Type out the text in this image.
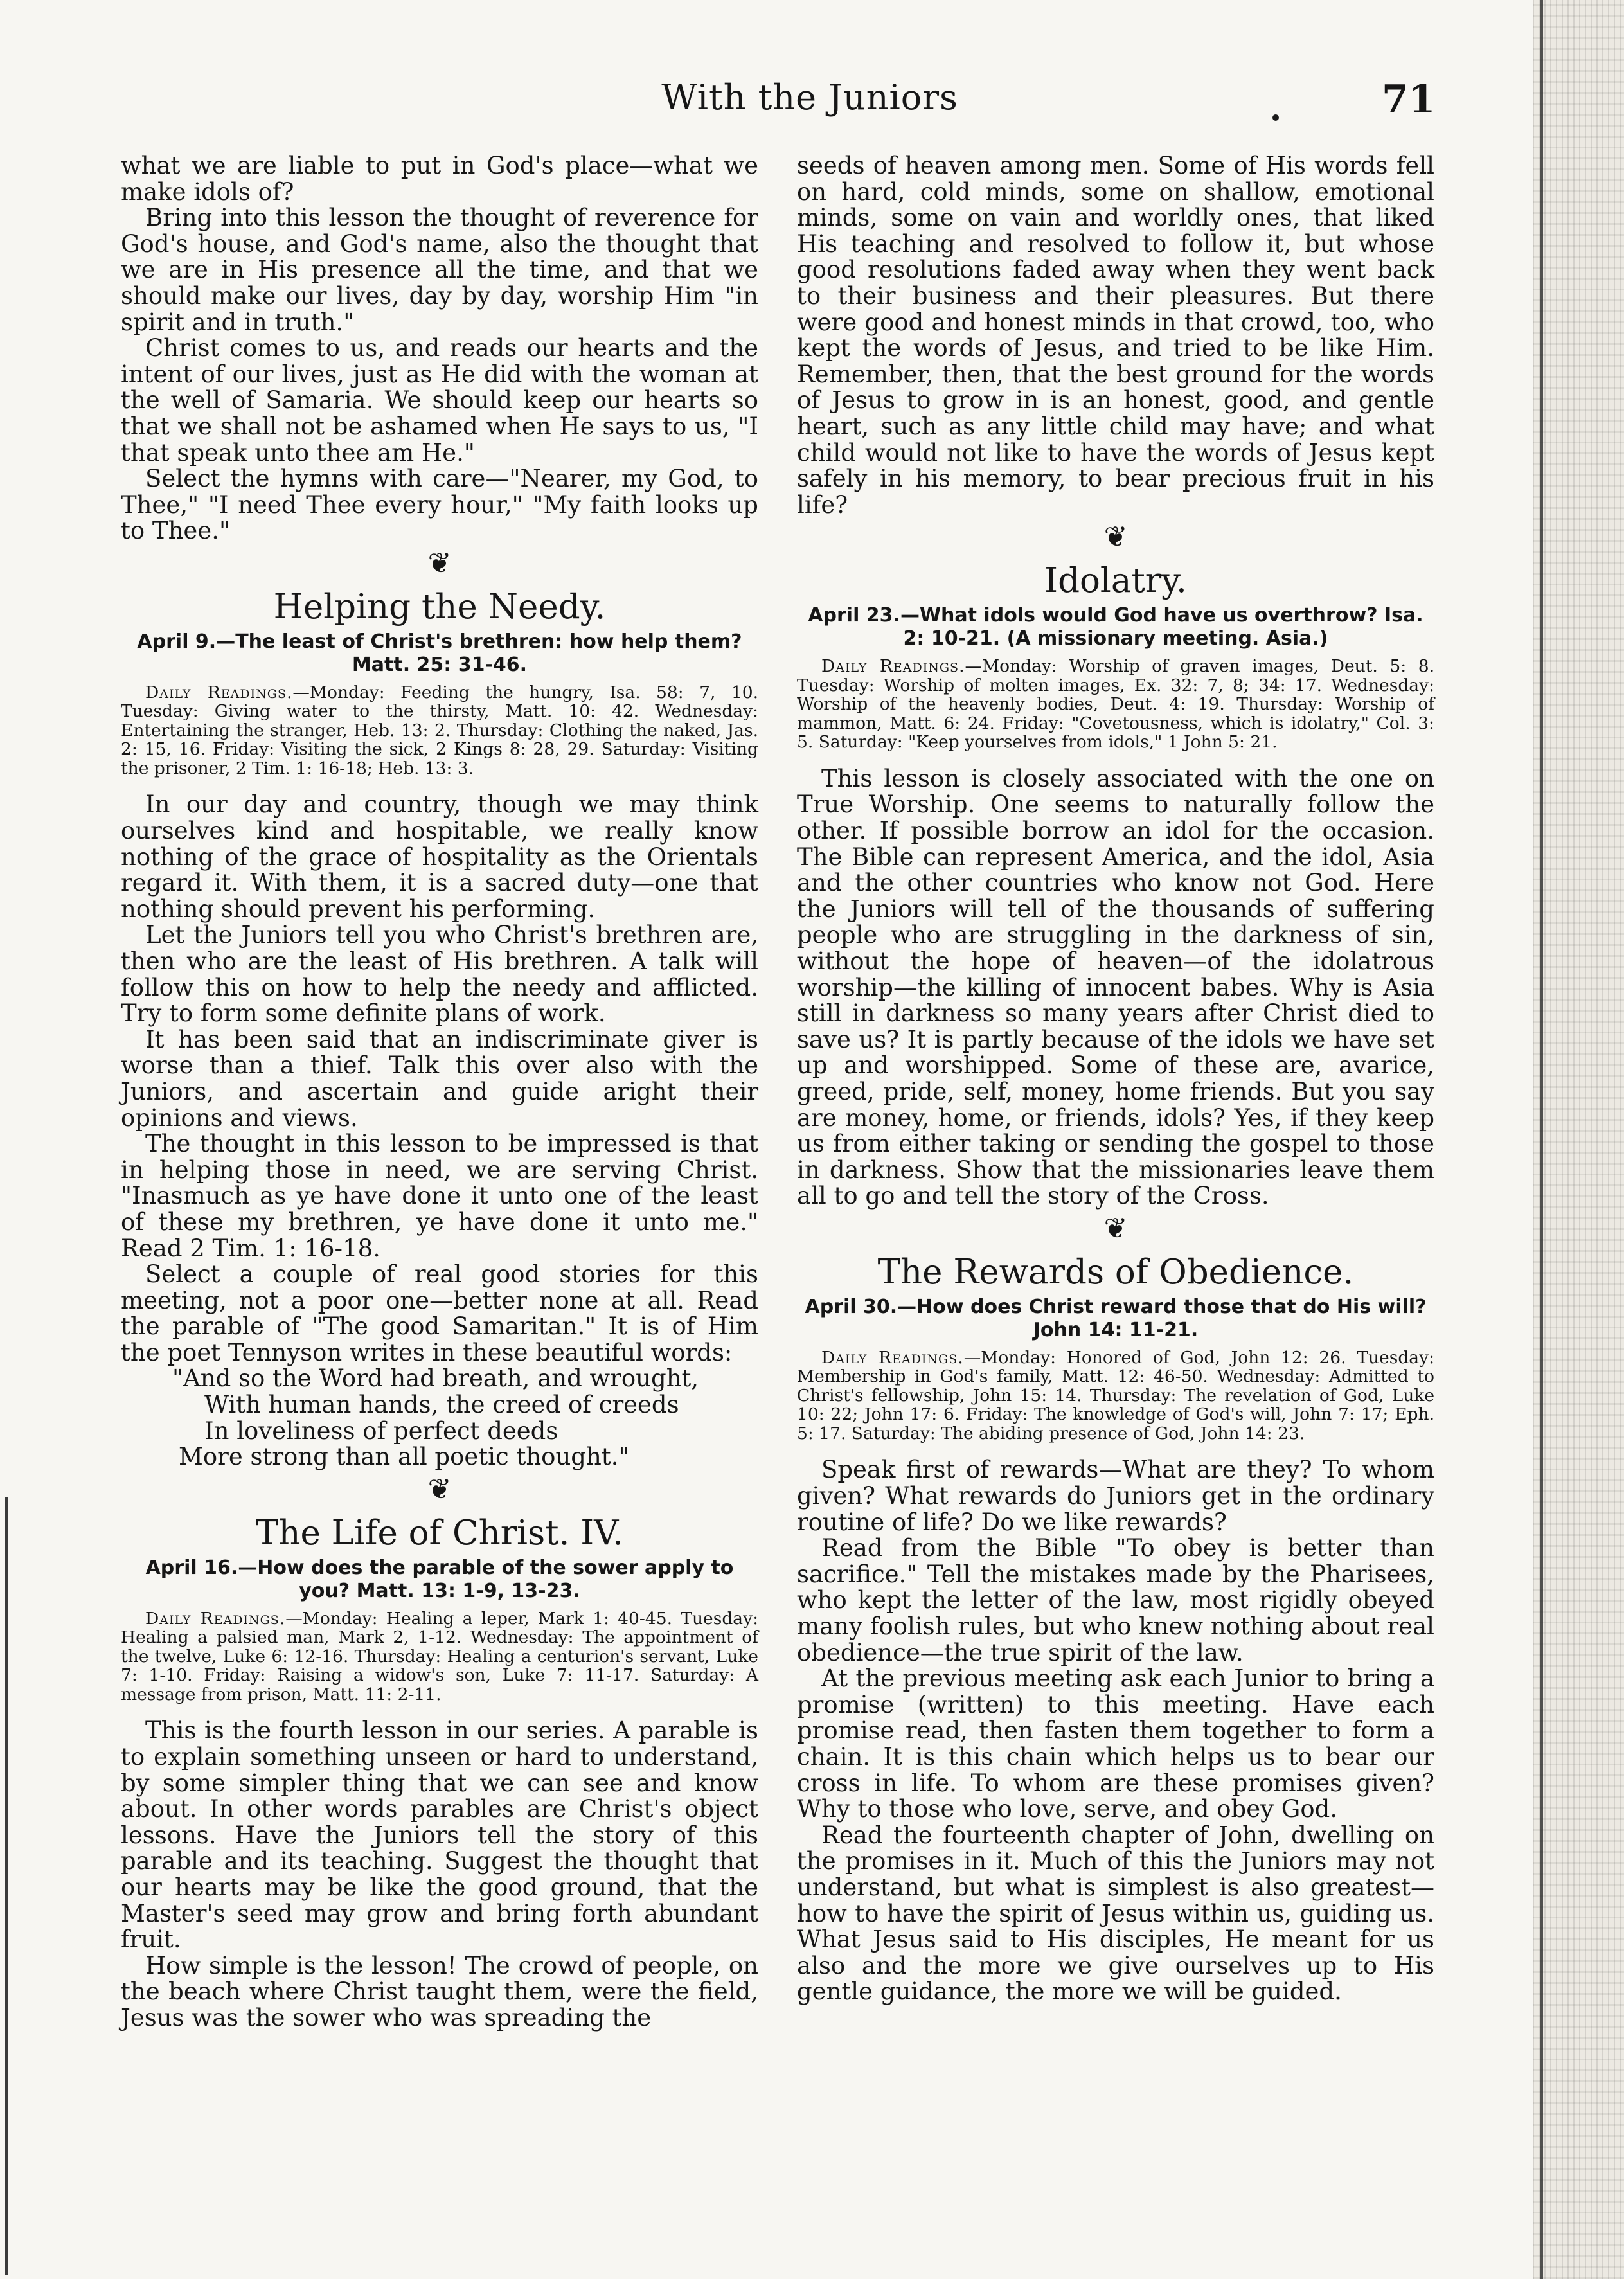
With the Juniors	71

what we are liable to put in God's place—what we make idols of?

Bring into this lesson the thought of reverence for God's house, and God's name, also the thought that we are in His presence all the time, and that we should make our lives, day by day, worship Him "in spirit and in truth."

Christ comes to us, and reads our hearts and the intent of our lives, just as He did with the woman at the well of Samaria. We should keep our hearts so that we shall not be ashamed when He says to us, "I that speak unto thee am He."

Select the hymns with care—"Nearer, my God, to Thee," "I need Thee every hour," "My faith looks up to Thee."

❦
Helping the Needy.
April 9.—The least of Christ's brethren: how help them? Matt. 25: 31-46.
Daily Readings.—Monday: Feeding the hungry, Isa. 58: 7, 10. Tuesday: Giving water to the thirsty, Matt. 10: 42. Wednesday: Entertaining the stranger, Heb. 13: 2. Thursday: Clothing the naked, Jas. 2: 15, 16. Friday: Visiting the sick, 2 Kings 8: 28, 29. Saturday: Visiting the prisoner, 2 Tim. 1: 16-18; Heb. 13: 3.

In our day and country, though we may think ourselves kind and hospitable, we really know nothing of the grace of hospitality as the Orientals regard it. With them, it is a sacred duty—one that nothing should prevent his performing.

Let the Juniors tell you who Christ's brethren are, then who are the least of His brethren. A talk will follow this on how to help the needy and afflicted. Try to form some definite plans of work.

It has been said that an indiscriminate giver is worse than a thief. Talk this over also with the Juniors, and ascertain and guide aright their opinions and views.

The thought in this lesson to be impressed is that in helping those in need, we are serving Christ. "Inasmuch as ye have done it unto one of the least of these my brethren, ye have done it unto me." Read 2 Tim. 1: 16-18.

Select a couple of real good stories for this meeting, not a poor one—better none at all. Read the parable of "The good Samaritan." It is of Him the poet Tennyson writes in these beautiful words:

"And so the Word had breath, and wrought,
With human hands, the creed of creeds
In loveliness of perfect deeds
More strong than all poetic thought."
❦
The Life of Christ. IV.
April 16.—How does the parable of the sower apply to you? Matt. 13: 1-9, 13-23.
Daily Readings.—Monday: Healing a leper, Mark 1: 40-45. Tuesday: Healing a palsied man, Mark 2, 1-12. Wednesday: The appointment of the twelve, Luke 6: 12-16. Thursday: Healing a centurion's servant, Luke 7: 1-10. Friday: Raising a widow's son, Luke 7: 11-17. Saturday: A message from prison, Matt. 11: 2-11.

This is the fourth lesson in our series. A parable is to explain something unseen or hard to understand, by some simpler thing that we can see and know about. In other words parables are Christ's object lessons. Have the Juniors tell the story of this parable and its teaching. Suggest the thought that our hearts may be like the good ground, that the Master's seed may grow and bring forth abundant fruit.

How simple is the lesson! The crowd of people, on the beach where Christ taught them, were the field, Jesus was the sower who was spreading the

seeds of heaven among men. Some of His words fell on hard, cold minds, some on shallow, emotional minds, some on vain and worldly ones, that liked His teaching and resolved to follow it, but whose good resolutions faded away when they went back to their business and their pleasures. But there were good and honest minds in that crowd, too, who kept the words of Jesus, and tried to be like Him. Remember, then, that the best ground for the words of Jesus to grow in is an honest, good, and gentle heart, such as any little child may have; and what child would not like to have the words of Jesus kept safely in his memory, to bear precious fruit in his life?

❦
Idolatry.
April 23.—What idols would God have us overthrow? Isa. 2: 10-21. (A missionary meeting. Asia.)
Daily Readings.—Monday: Worship of graven images, Deut. 5: 8. Tuesday: Worship of molten images, Ex. 32: 7, 8; 34: 17. Wednesday: Worship of the heavenly bodies, Deut. 4: 19. Thursday: Worship of mammon, Matt. 6: 24. Friday: "Covetousness, which is idolatry," Col. 3: 5. Saturday: "Keep yourselves from idols," 1 John 5: 21.

This lesson is closely associated with the one on True Worship. One seems to naturally follow the other. If possible borrow an idol for the occasion. The Bible can represent America, and the idol, Asia and the other countries who know not God. Here the Juniors will tell of the thousands of suffering people who are struggling in the darkness of sin, without the hope of heaven—of the idolatrous worship—the killing of innocent babes. Why is Asia still in darkness so many years after Christ died to save us? It is partly because of the idols we have set up and worshipped. Some of these are, avarice, greed, pride, self, money, home friends. But you say are money, home, or friends, idols? Yes, if they keep us from either taking or sending the gospel to those in darkness. Show that the missionaries leave them all to go and tell the story of the Cross.

❦
The Rewards of Obedience.
April 30.—How does Christ reward those that do His will? John 14: 11-21.
Daily Readings.—Monday: Honored of God, John 12: 26. Tuesday: Membership in God's family, Matt. 12: 46-50. Wednesday: Admitted to Christ's fellowship, John 15: 14. Thursday: The revelation of God, Luke 10: 22; John 17: 6. Friday: The knowledge of God's will, John 7: 17; Eph. 5: 17. Saturday: The abiding presence of God, John 14: 23.

Speak first of rewards—What are they? To whom given? What rewards do Juniors get in the ordinary routine of life? Do we like rewards?

Read from the Bible "To obey is better than sacrifice." Tell the mistakes made by the Pharisees, who kept the letter of the law, most rigidly obeyed many foolish rules, but who knew nothing about real obedience—the true spirit of the law.

At the previous meeting ask each Junior to bring a promise (written) to this meeting. Have each promise read, then fasten them together to form a chain. It is this chain which helps us to bear our cross in life. To whom are these promises given? Why to those who love, serve, and obey God.

Read the fourteenth chapter of John, dwelling on the promises in it. Much of this the Juniors may not understand, but what is simplest is also greatest—how to have the spirit of Jesus within us, guiding us. What Jesus said to His disciples, He meant for us also and the more we give ourselves up to His gentle guidance, the more we will be guided.
